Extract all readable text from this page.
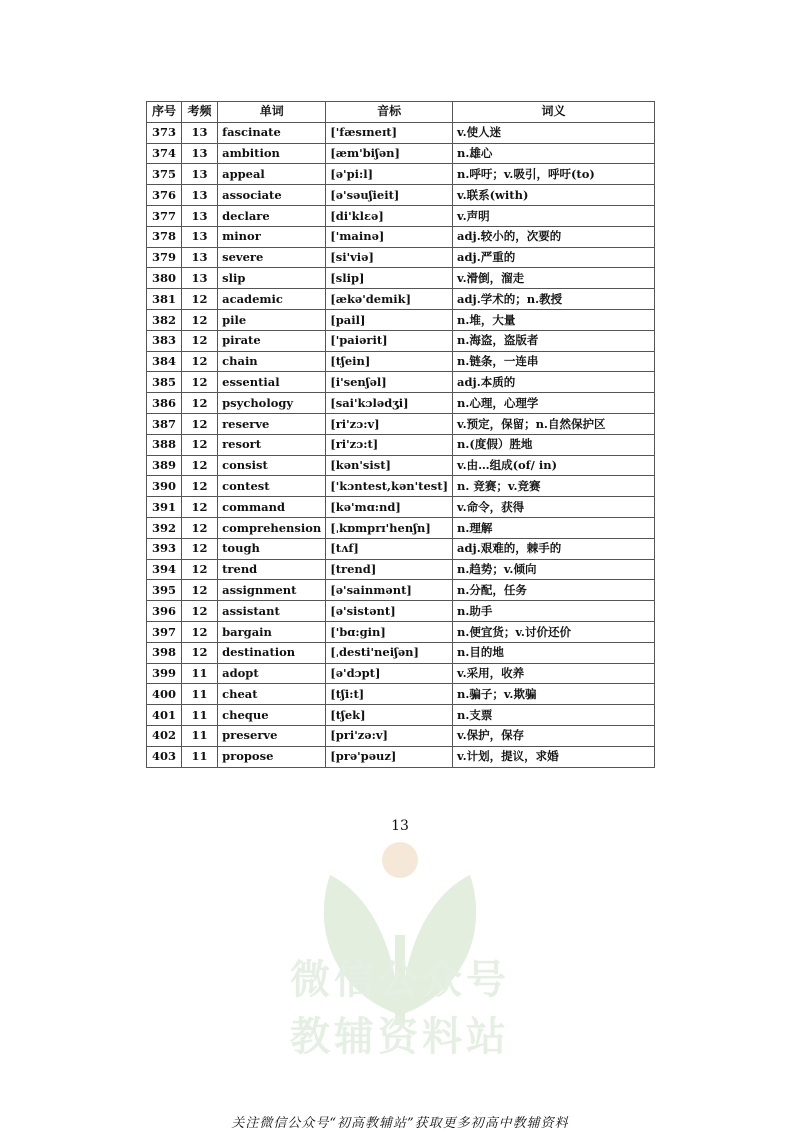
序号	考频	单词	音标	词义
373	13	fascinate	['fæsɪneɪt]	v.使人迷
374	13	ambition	[æm'biʃən]	n.雄心
375	13	appeal	[ə'pi:l]	n.呼吁；v.吸引，呼吁(to)
376	13	associate	[ə'səuʃieit]	v.联系(with)
377	13	declare	[di'klɛə]	v.声明
378	13	minor	['mainə]	adj.较小的，次要的
379	13	severe	[si'viə]	adj.严重的
380	13	slip	[slip]	v.滑倒，溜走
381	12	academic	[ækə'demik]	adj.学术的；n.教授
382	12	pile	[pail]	n.堆，大量
383	12	pirate	['paiərit]	n.海盗，盗版者
384	12	chain	[tʃein]	n.链条，一连串
385	12	essential	[i'senʃəl]	adj.本质的
386	12	psychology	[sai'kɔlədʒi]	n.心理，心理学
387	12	reserve	[ri'zɔ:v]	v.预定，保留；n.自然保护区
388	12	resort	[ri'zɔ:t]	n.(度假）胜地
389	12	consist	[kən'sist]	v.由…组成(of/ in)
390	12	contest	['kɔntest,kən'test]	n. 竞赛；v.竞赛
391	12	command	[kə'mɑ:nd]	v.命令，获得
392	12	comprehension	[ˌkɒmprɪ'henʃn]	n.理解
393	12	tough	[tʌf]	adj.艰难的，棘手的
394	12	trend	[trend]	n.趋势；v.倾向
395	12	assignment	[ə'sainmənt]	n.分配，任务
396	12	assistant	[ə'sistənt]	n.助手
397	12	bargain	['bɑ:gin]	n.便宜货；v.讨价还价
398	12	destination	[ˌdesti'neiʃən]	n.目的地
399	11	adopt	[ə'dɔpt]	v.采用，收养
400	11	cheat	[tʃi:t]	n.骗子；v.欺骗
401	11	cheque	[tʃek]	n.支票
402	11	preserve	[pri'zə:v]	v.保护，保存
403	11	propose	[prə'pəuz]	v.计划，提议，求婚
13
微信公众号
教辅资料站
关注微信公众号“初高教辅站”获取更多初高中教辅资料
